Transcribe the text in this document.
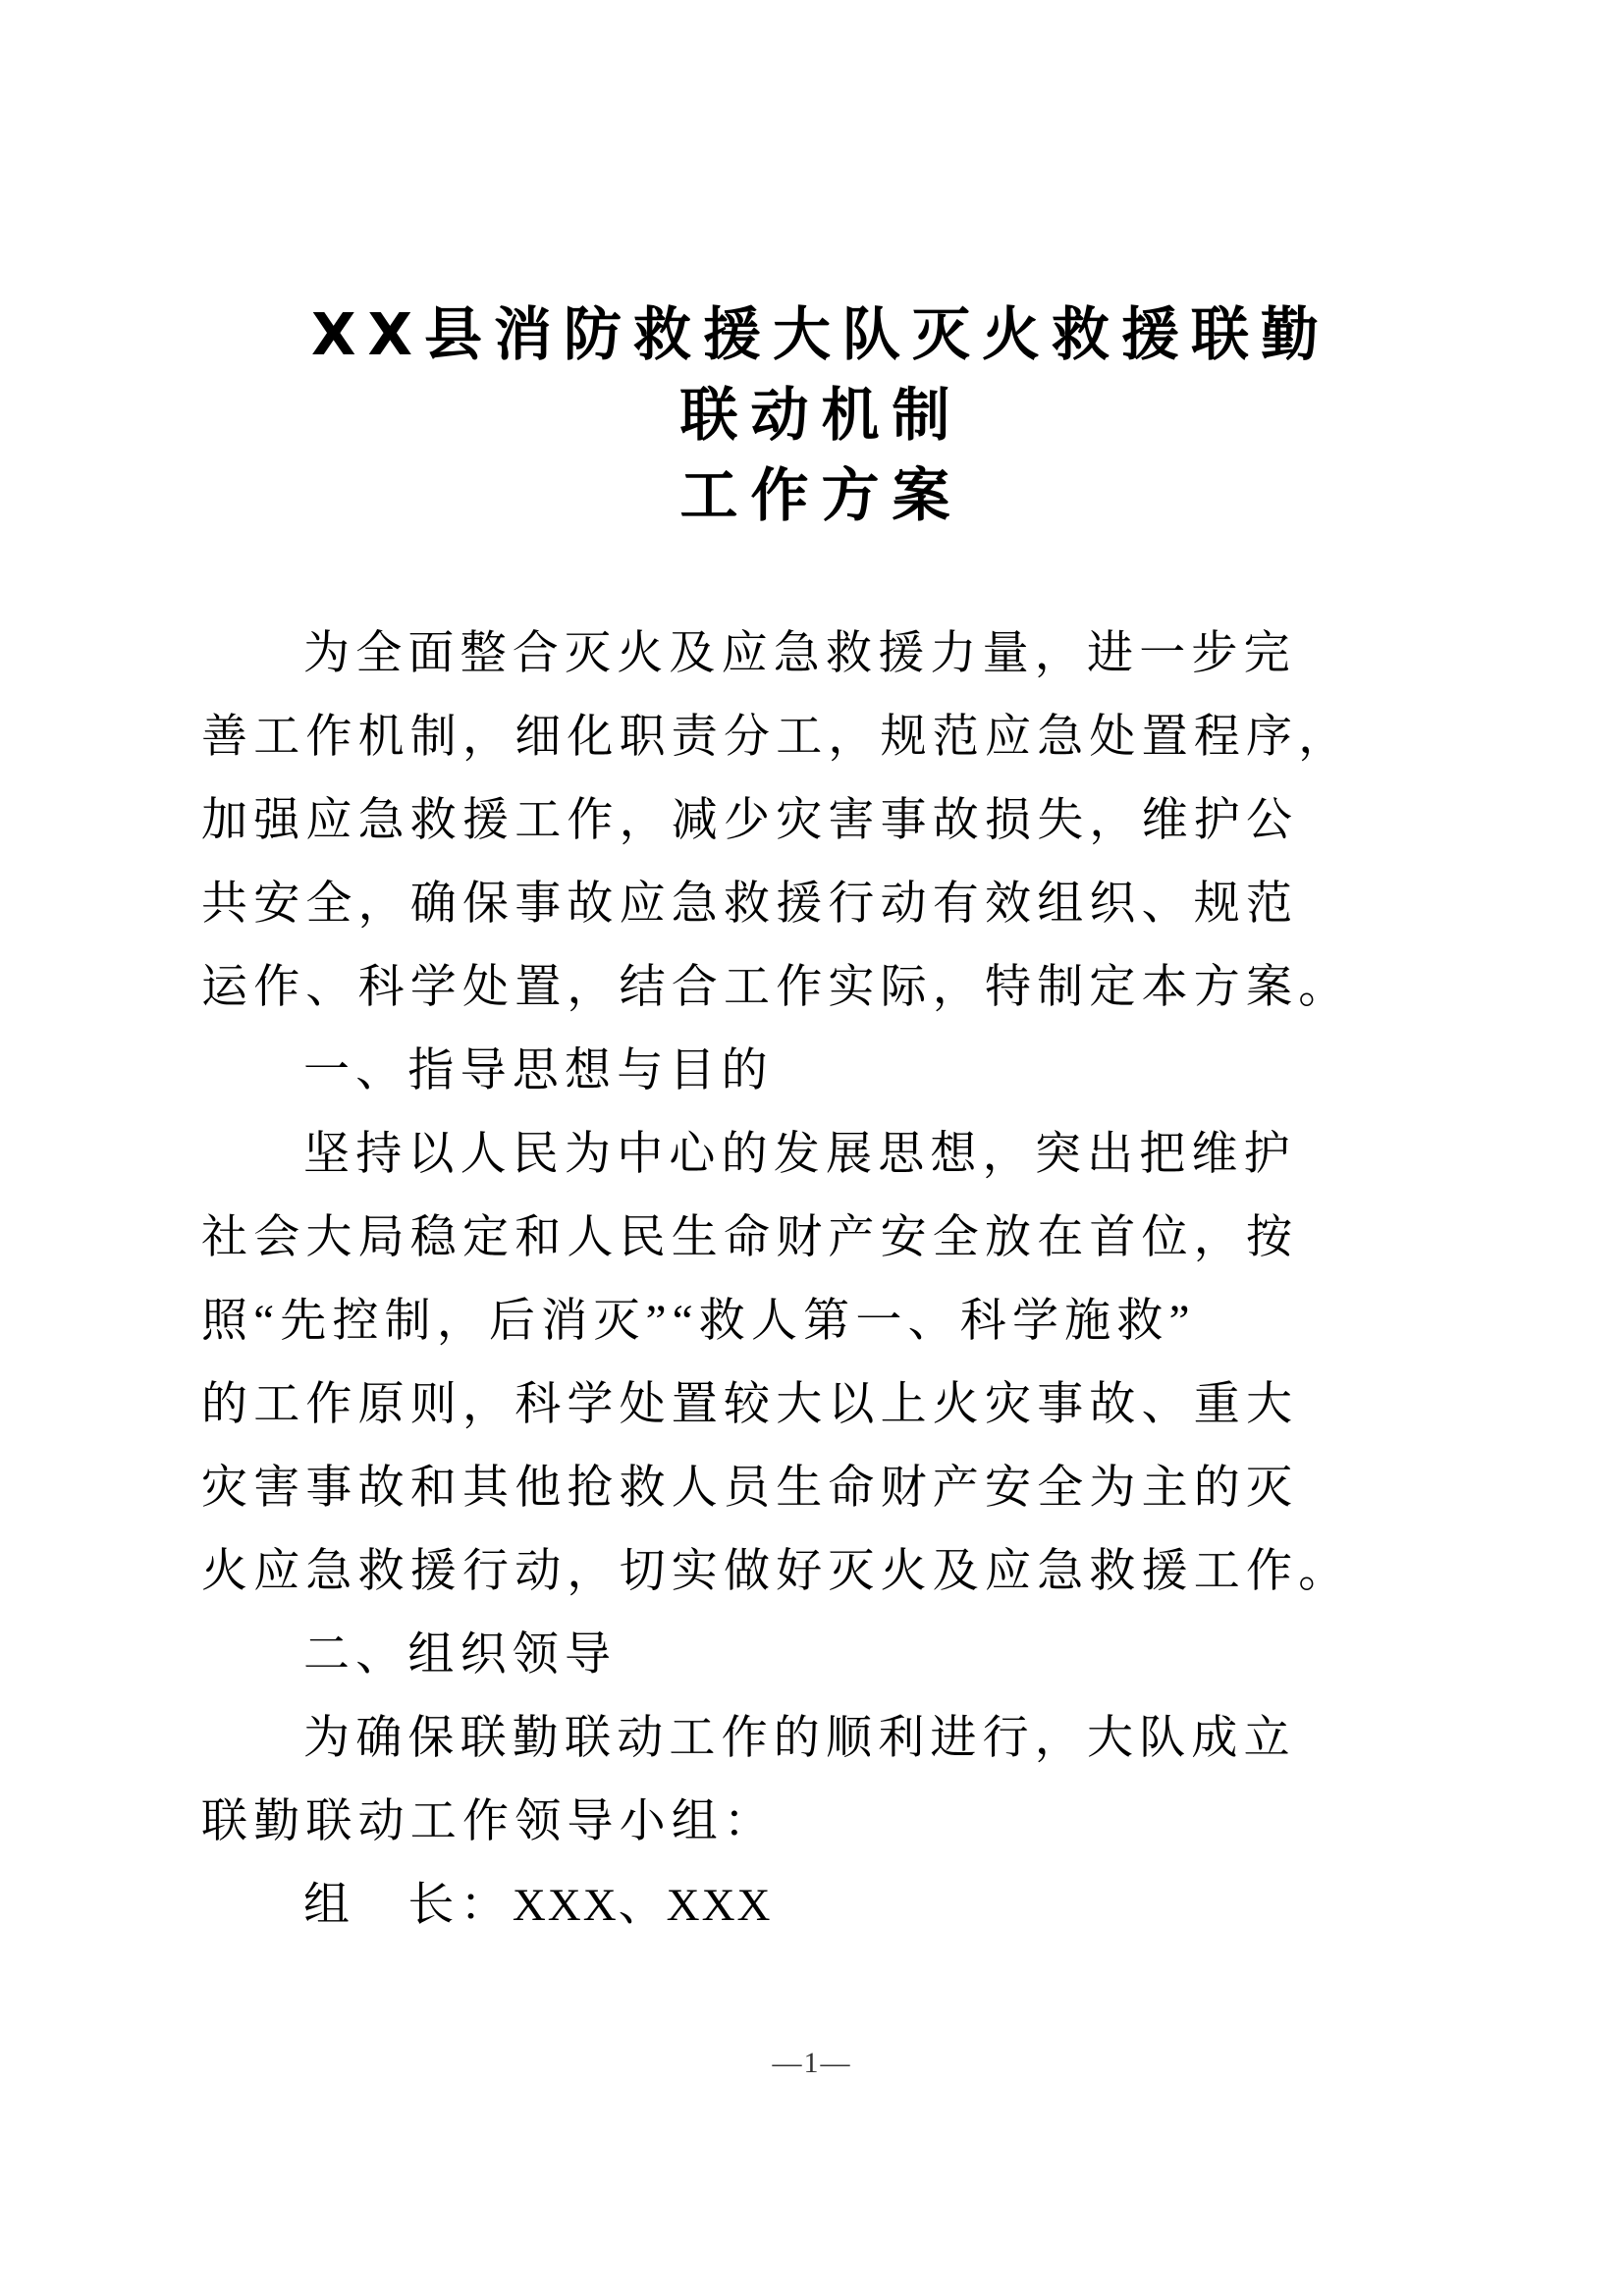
XX县消防救援大队灭火救援联勤
联动机制
工作方案
为全面整合灭火及应急救援力量，进一步完
善工作机制，细化职责分工，规范应急处置程序，
加强应急救援工作，减少灾害事故损失，维护公
共安全，确保事故应急救援行动有效组织、规范
运作、科学处置，结合工作实际，特制定本方案。
一、指导思想与目的
坚持以人民为中心的发展思想，突出把维护
社会大局稳定和人民生命财产安全放在首位，按
照“先控制，后消灭”“救人第一、科学施救”
的工作原则，科学处置较大以上火灾事故、重大
灾害事故和其他抢救人员生命财产安全为主的灭
火应急救援行动，切实做好灭火及应急救援工作。
二、组织领导
为确保联勤联动工作的顺利进行，大队成立
联勤联动工作领导小组：
组　长：XXX、XXX
—1—
